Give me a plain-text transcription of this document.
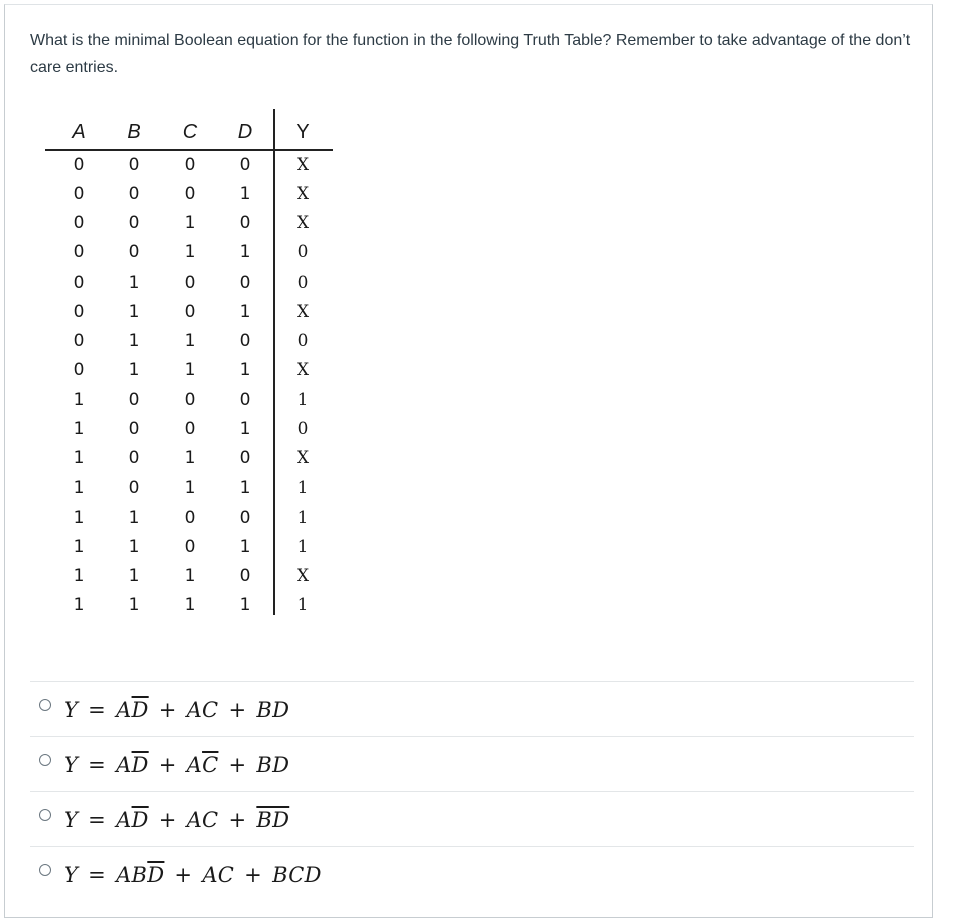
What is the minimal Boolean equation for the function in the following Truth Table? Remember to take advantage of the don’t care entries.
A B C D Y
0	0	0	0	X
0	0	0	1	X
0	0	1	0	X
0	0	1	1	0
0	1	0	0	0
0	1	0	1	X
0	1	1	0	0
0	1	1	1	X
1	0	0	0	1
1	0	0	1	0
1	0	1	0	X
1	0	1	1	1
1	1	0	0	1
1	1	0	1	1
1	1	1	0	X
1	1	1	1	1
$Y = A\overline{D}$ + AC + BD
$Y = A\overline{D} + A\overline{C}$ + BD
$Y = A\overline{D}$ + AC + $\overline{BD}$
$Y = AB\overline{D}$ + AC + BCD
